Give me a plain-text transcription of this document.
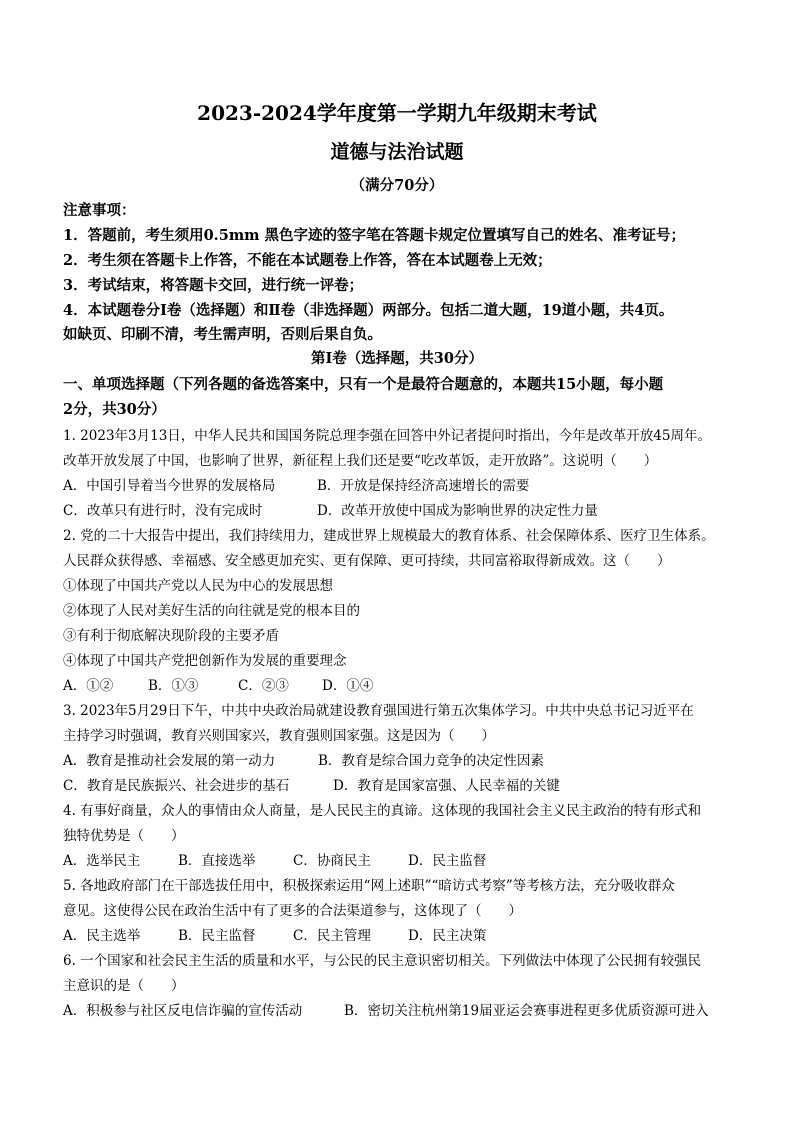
2023-2024学年度第一学期九年级期末考试
道德与法治试题
（满分70分）
注意事项：
1．答题前，考生须用0.5mm 黑色字迹的签字笔在答题卡规定位置填写自己的姓名、准考证号；
2．考生须在答题卡上作答，不能在本试题卷上作答，答在本试题卷上无效；
3．考试结束，将答题卡交回，进行统一评卷；
4．本试题卷分Ⅰ卷（选择题）和Ⅱ卷（非选择题）两部分。包括二道大题，19道小题，共4页。
如缺页、印刷不清，考生需声明，否则后果自负。
第Ⅰ卷（选择题，共30分）
一、单项选择题（下列各题的备选答案中，只有一个是最符合题意的，本题共15小题，每小题
2分，共30分）
1. 2023年3月13日，中华人民共和国国务院总理李强在回答中外记者提问时指出，今年是改革开放45周年。
改革开放发展了中国，也影响了世界，新征程上我们还是要“吃改革饭，走开放路”。这说明（　　）
A．中国引导着当今世界的发展格局	B．开放是保持经济高速增长的需要
C．改革只有进行时，没有完成时	D．改革开放使中国成为影响世界的决定性力量
2. 党的二十大报告中提出，我们持续用力，建成世界上规模最大的教育体系、社会保障体系、医疗卫生体系。
人民群众获得感、幸福感、安全感更加充实、更有保障、更可持续，共同富裕取得新成效。这（　　）
①体现了中国共产党以人民为中心的发展思想
②体现了人民对美好生活的向往就是党的根本目的
③有利于彻底解决现阶段的主要矛盾
④体现了中国共产党把创新作为发展的重要理念
A．①②	B．①③	C．②③ D．①④
3. 2023年5月29日下午，中共中央政治局就建设教育强国进行第五次集体学习。中共中央总书记习近平在
主持学习时强调，教育兴则国家兴，教育强则国家强。这是因为（　　）
A．教育是推动社会发展的第一动力	B．教育是综合国力竞争的决定性因素
C．教育是民族振兴、社会进步的基石	D．教育是国家富强、人民幸福的关键
4. 有事好商量，众人的事情由众人商量，是人民民主的真谛。这体现的我国社会主义民主政治的特有形式和
独特优势是（　　）
A．选举民主	B．直接选举	C．协商民主	D．民主监督
5. 各地政府部门在干部选拔任用中，积极探索运用“网上述职”“暗访式考察”等考核方法，充分吸收群众
意见。这使得公民在政治生活中有了更多的合法渠道参与，这体现了（　　）
A．民主选举	B．民主监督	C．民主管理	D．民主决策
6. 一个国家和社会民主生活的质量和水平，与公民的民主意识密切相关。下列做法中体现了公民拥有较强民
主意识的是（　　）
A．积极参与社区反电信诈骗的宣传活动	B．密切关注杭州第19届亚运会赛事进程更多优质资源可进入
